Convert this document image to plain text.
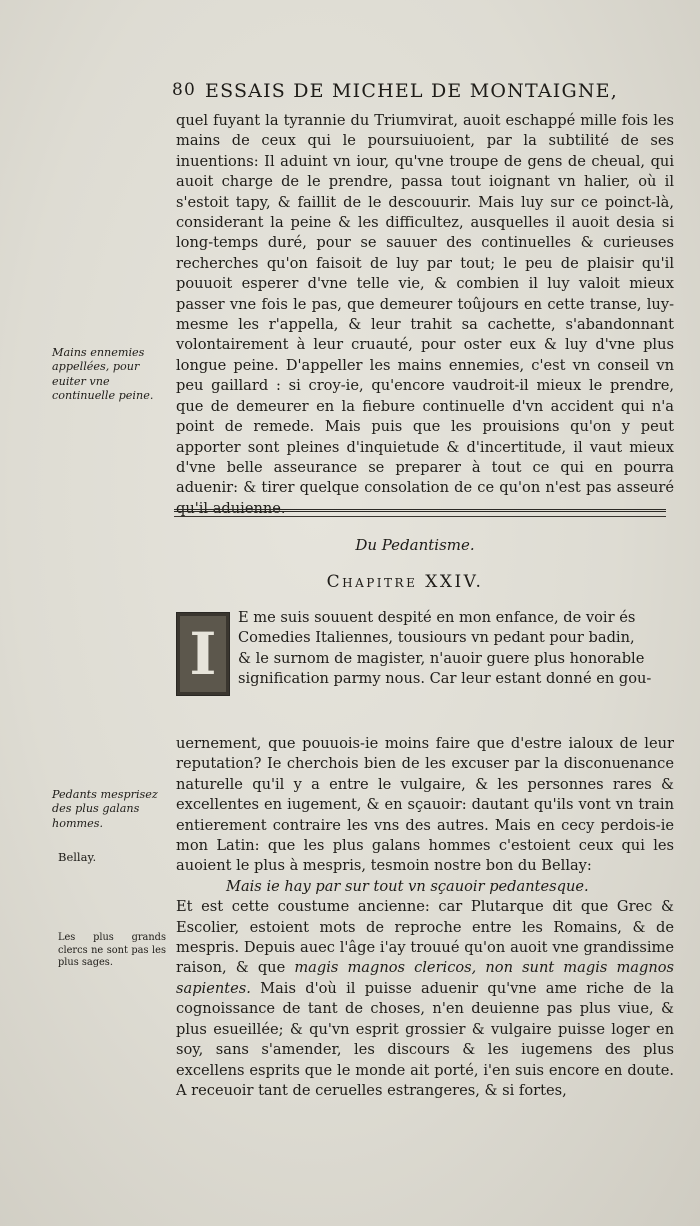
80 ESSAIS DE MICHEL DE MONTAIGNE,

quel fuyant la tyrannie du Triumvirat, auoit eschappé mille fois les mains de ceux qui le poursuiuoient, par la subtilité de ses inuentions: Il aduint vn iour, qu'vne troupe de gens de cheual, qui auoit charge de le prendre, passa tout ioignant vn halier, où il s'estoit tapy, & faillit de le descouurir. Mais luy sur ce poinct-là, considerant la peine & les difficultez, ausquelles il auoit desia si long-temps duré, pour se sauuer des continuelles & curieuses recherches qu'on faisoit de luy par tout; le peu de plaisir qu'il pouuoit esperer d'vne telle vie, & combien il luy valoit mieux passer vne fois le pas, que demeurer toûjours en cette transe, luy-mesme les r'appella, & leur trahit sa cachette, s'abandonnant volontairement à leur cruauté, pour oster eux & luy d'vne plus longue peine. D'appeller les mains ennemies, c'est vn conseil vn peu gaillard : si croy-ie, qu'encore vaudroit-il mieux le prendre, que de demeurer en la fiebure continuelle d'vn accident qui n'a point de remede. Mais puis que les prouisions qu'on y peut apporter sont pleines d'inquietude & d'incertitude, il vaut mieux d'vne belle asseurance se preparer à tout ce qui en pourra aduenir: & tirer quelque consolation de ce qu'on n'est pas asseuré qu'il aduienne.

Mains ennemies appellées, pour euiter vne continuelle peine.
Du Pedantisme.
Chapitre XXIV.
I

E me suis souuent despité en mon enfance, de voir és

Comedies Italiennes, tousiours vn pedant pour badin,

& le surnom de magister, n'auoir guere plus honorable

signification parmy nous. Car leur estant donné en gou-

uernement, que pouuois-ie moins faire que d'estre ialoux de leur reputation? Ie cherchois bien de les excuser par la disconuenance naturelle qu'il y a entre le vulgaire, & les personnes rares & excellentes en iugement, & en sçauoir: dautant qu'ils vont vn train entierement contraire les vns des autres. Mais en cecy perdois-ie mon Latin: que les plus galans hommes c'estoient ceux qui les auoient le plus à mespris, tesmoin nostre bon du Bellay:

Mais ie hay par sur tout vn sçauoir pedantesque.

Et est cette coustume ancienne: car Plutarque dit que Grec & Escolier, estoient mots de reproche entre les Romains, & de mespris. Depuis auec l'âge i'ay trouué qu'on auoit vne grandissime raison, & que magis magnos clericos, non sunt magis magnos sapientes. Mais d'où il puisse aduenir qu'vne ame riche de la cognoissance de tant de choses, n'en deuienne pas plus viue, & plus esueillée; & qu'vn esprit grossier & vulgaire puisse loger en soy, sans s'amender, les discours & les iugemens des plus excellens esprits que le monde ait porté, i'en suis encore en doute. A receuoir tant de ceruelles estrangeres, & si fortes,

Pedants mesprisez des plus galans hommes.
Bellay.
Les plus grands clercs ne sont pas les plus sages.
